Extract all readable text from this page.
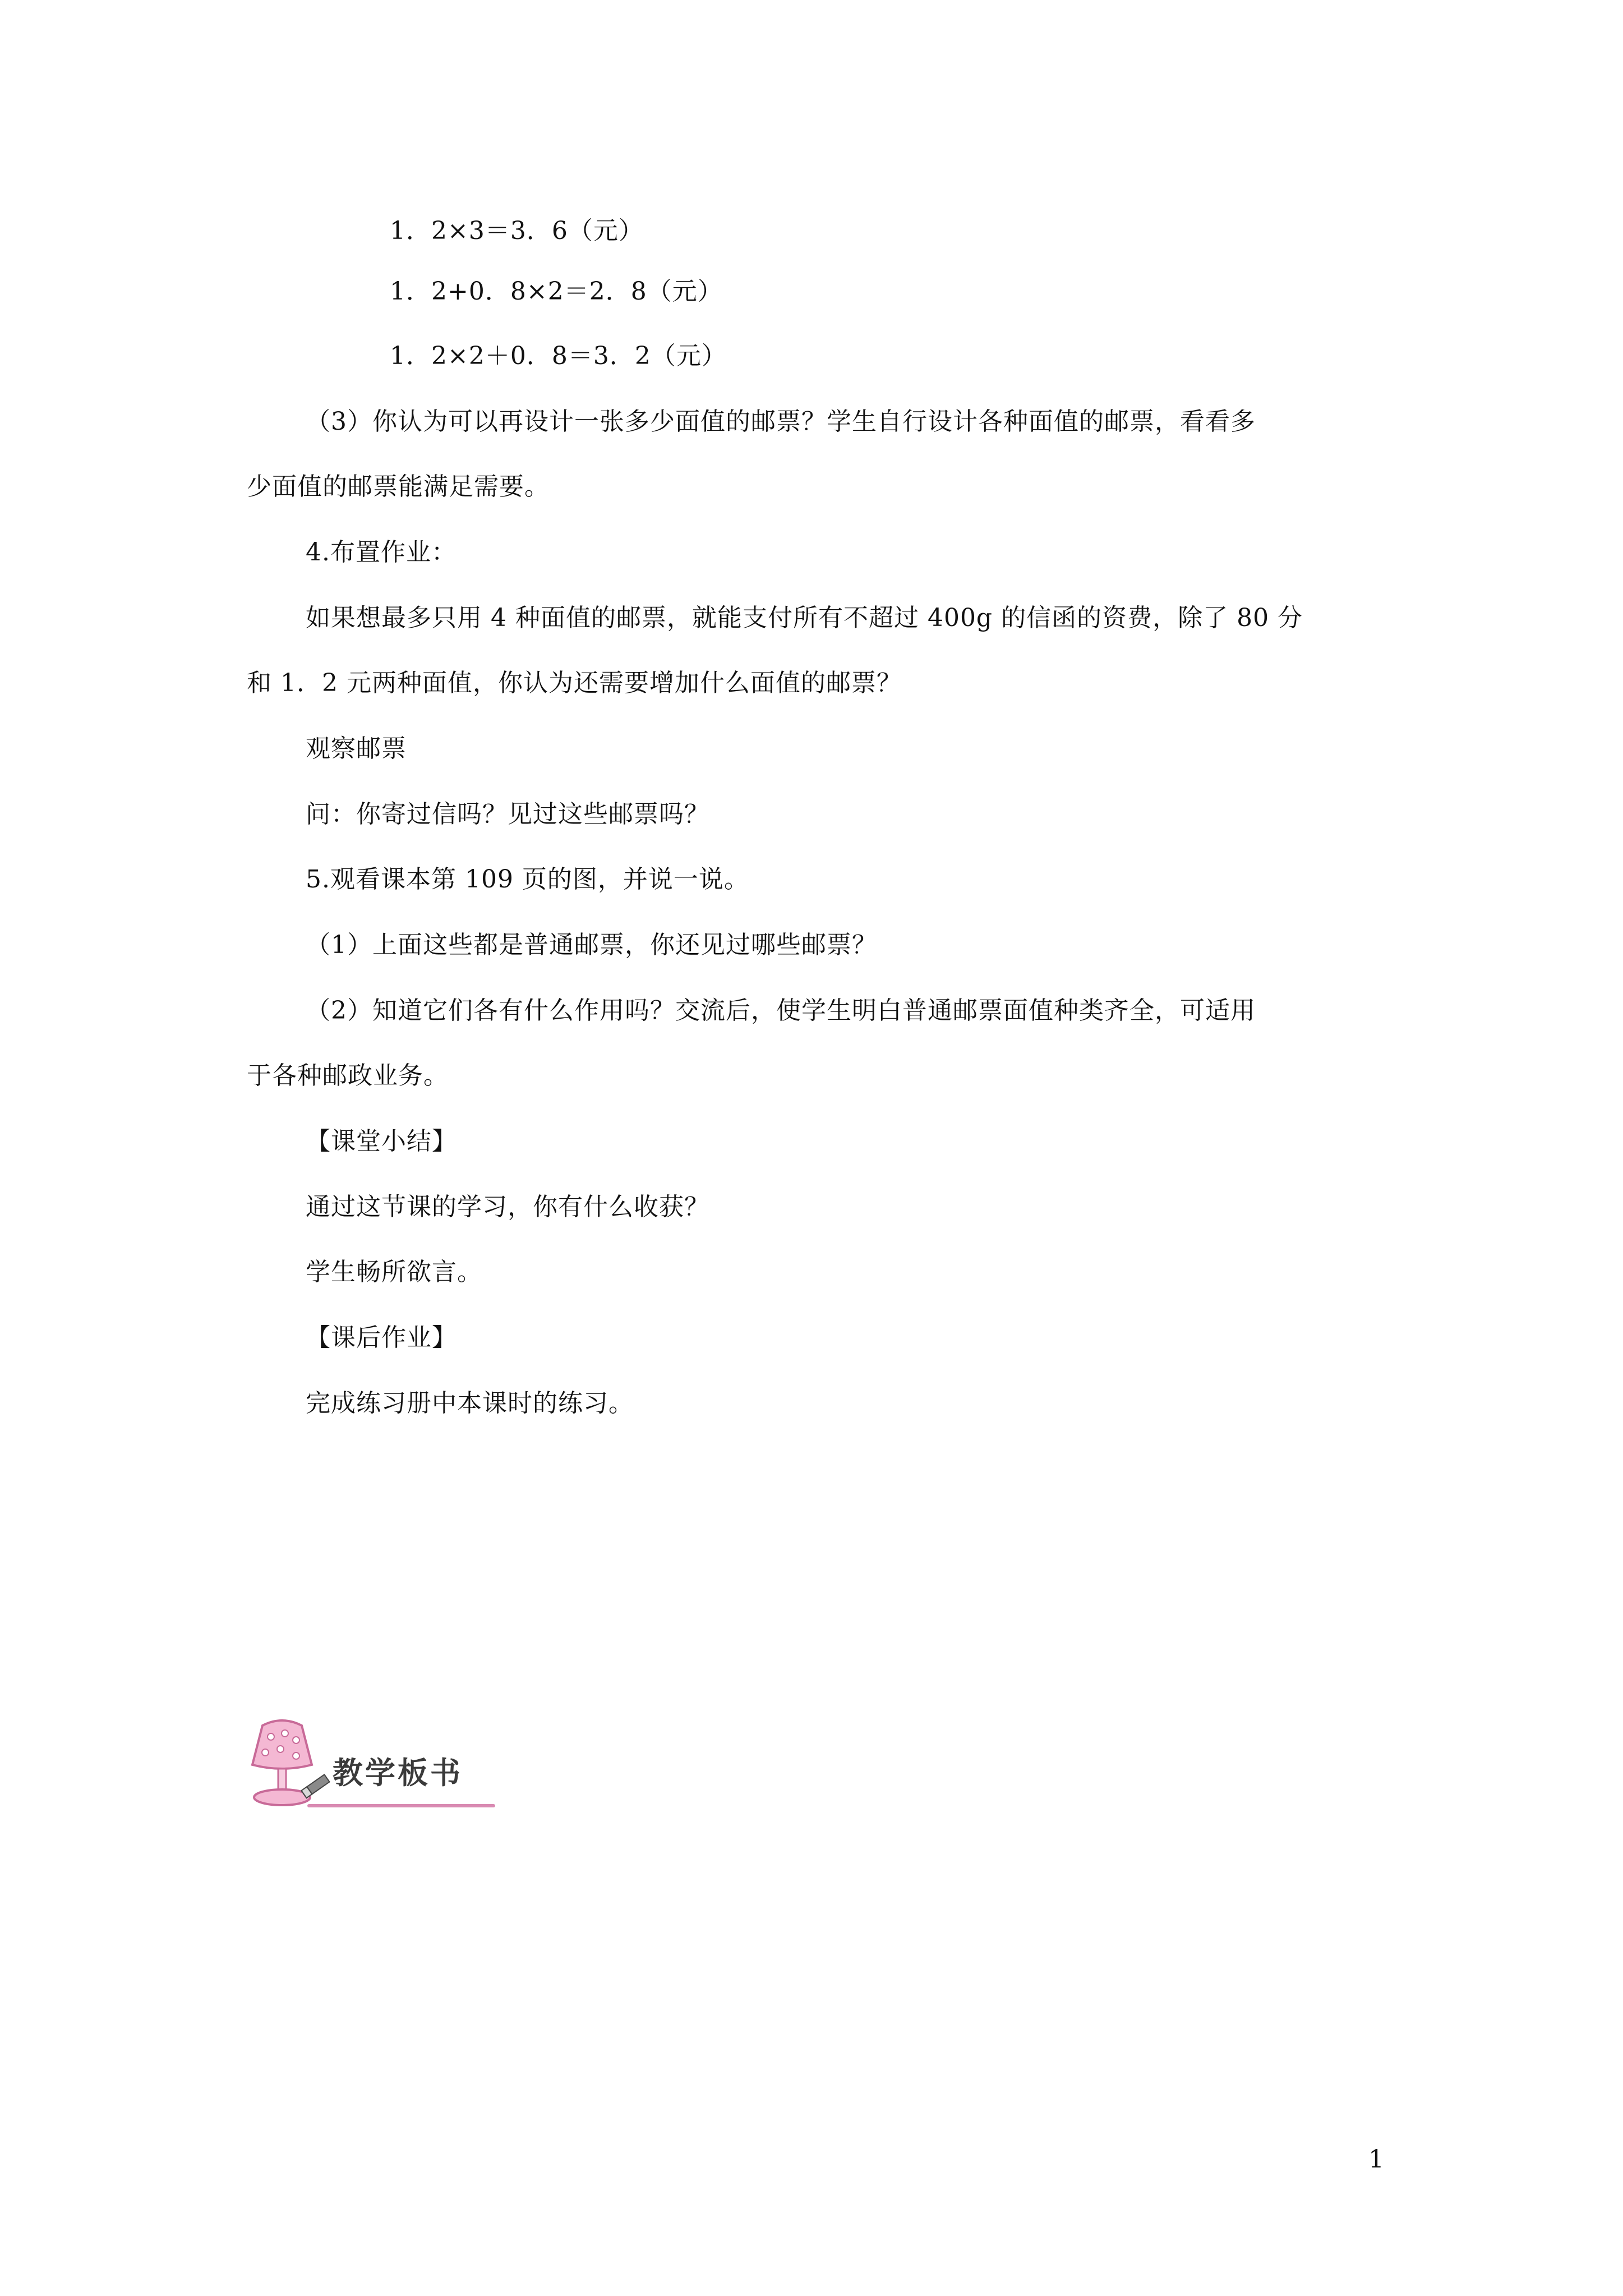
1．2×3＝3．6（元）
1．2+0．8×2＝2．8（元）
1．2×2＋0．8＝3．2（元）
（3）你认为可以再设计一张多少面值的邮票？学生自行设计各种面值的邮票，看看多
少面值的邮票能满足需要。
4.布置作业：
如果想最多只用 4 种面值的邮票，就能支付所有不超过 400g 的信函的资费，除了 80 分
和 1．2 元两种面值，你认为还需要增加什么面值的邮票？
观察邮票
问：你寄过信吗？见过这些邮票吗？
5.观看课本第 109 页的图，并说一说。
（1）上面这些都是普通邮票，你还见过哪些邮票？
（2）知道它们各有什么作用吗？交流后，使学生明白普通邮票面值种类齐全，可适用
于各种邮政业务。
【课堂小结】
通过这节课的学习，你有什么收获？
学生畅所欲言。
【课后作业】
完成练习册中本课时的练习。
教学板书
1
